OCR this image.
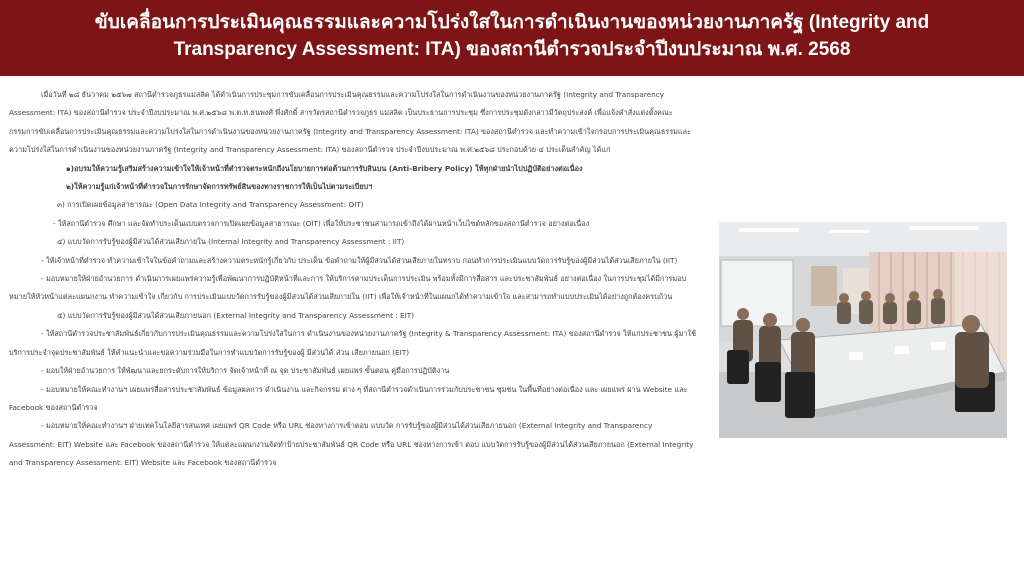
ขับเคลื่อนการประเมินคุณธรรมและความโปร่งใสในการดำเนินงานของหน่วยงานภาครัฐ (Integrity and
Transparency Assessment: ITA) ของสถานีตำรวจประจำปีงบประมาณ พ.ศ. 2568

เมื่อวันที่ ๒๘ ธันวาคม ๒๕๖๗ สถานีตำรวจภูธรแม่สลิด ได้ดำเนินการประชุมการขับเคลื่อนการประเมินคุณธรรมและความโปร่งใสในการดำเนินงานของหน่วยงานภาครัฐ (Integrity and Transparency Assessment: ITA) ของสถานีตำรวจ ประจำปีงบประมาณ พ.ศ.๒๕๖๘ พ.ต.ท.ธนพงศ์ พึ่งศักดิ์ สารวัตรสถานีตำรวจภูธร แม่สลิด เป็นประธานการประชุม ซึ่งการประชุมดังกล่าวมีวัตถุประสงค์ เพื่อแจ้งคำสั่งแต่งตั้งคณะกรรมการขับเคลื่อนการประเมินคุณธรรมและความโปร่งใสในการดำเนินงานของหน่วยงานภาครัฐ (Integrity and Transparency Assessment: ITA) ของสถานีตำรวจ และทำความเข้าใจกรอบการประเมินคุณธรรมและความโปร่งใสในการดำเนินงานของหน่วยงานภาครัฐ (Integrity and Transparency Assessment: ITA) ของสถานีตำรวจ ประจำปีงบประมาณ พ.ศ.๒๕๖๘ ประกอบด้วย ๔ ประเด็นสำคัญ ได้แก่

๑)อบรมให้ความรู้เสริมสร้างความเข้าใจให้เจ้าหน้าที่ตำรวจตระหนักถึงนโยบายการต่อต้านการรับสินบน (Anti-Bribery Policy) ให้ทุกฝ่ายนำไปปฏิบัติอย่างต่อเนื่อง

๒)ให้ความรู้แก่เจ้าหน้าที่ตำรวจในการรักษาจัดการทรัพย์สินของทางราชการให้เป็นไปตามระเบียบฯ

๓) การเปิดเผยข้อมูลสาธารณะ (Open Data Integrity and Transparency Assessment: OIT)

- ให้สถานีตำรวจ ศึกษา และจัดทำประเด็นแบบตรวจการเปิดเผยข้อมูลสาธารณะ (OIT) เพื่อให้ประชาชนสามารถเข้าถึงได้ผ่านหน้าเว็บไซต์หลักของสถานีตำรวจ อย่างต่อเนื่อง

๔) แบบวัดการรับรู้ของผู้มีส่วนได้ส่วนเสียภายใน (Internal Integrity and Transparency Assessment : IIT)

- ให้เจ้าหน้าที่ตำรวจ ทำความเข้าใจในข้อคำถามและสร้างความตระหนักรู้เกี่ยวกับ ประเด็น ข้อคำถามให้ผู้มีส่วนได้ส่วนเสียภายในทราบ ก่อนทำการประเมินแบบวัดการรับรู้ของผู้มีส่วนได้ส่วนเสียภายใน (IIT)

- มอบหมายให้ฝ่ายอำนวยการ ดำเนินการเผยแพร่ความรู้เพื่อพัฒนาการปฏิบัติหน้าที่และการ ให้บริการตามประเด็นการประเมิน พร้อมทั้งมีการสื่อสาร และประชาสัมพันธ์ อย่างต่อเนื่อง ในการประชุมได้มีการมอบหมายให้หัวหน้าแต่ละแผนกงาน ทำความเข้าใจ เกี่ยวกับ การประเมินแบบวัดการรับรู้ของผู้มีส่วนได้ส่วนเสียภายใน (IIT) เพื่อให้เจ้าหน้าที่ในแผนกได้ทำความเข้าใจ และสามารถทำแบบประเมินได้อย่างถูกต้องครบถ้วน

๕) แบบวัดการรับรู้ของผู้มีส่วนได้ส่วนเสียภายนอก (External Integrity and Transparency Assessment : EIT)

- ให้สถานีตำรวจประชาสัมพันธ์เกี่ยวกับการประเมินคุณธรรมและความโปร่งใสในการ ดำเนินงานของหน่วยงานภาครัฐ (Integrity & Transparency Assessment: ITA) ของสถานีตำรวจ ให้แก่ประชาชน ผู้มาใช้บริการประจำจุดประชาสัมพันธ์ ให้คำแนะนำและขอความร่วมมือในการทำแบบวัดการรับรู้ของผู้ มีส่วนได้ ส่วน เสียภายนอก (EIT)

- มอบให้ฝ่ายอำนวยการ ให้พัฒนาและยกระดับการให้บริการ จัดเจ้าหน้าที่ ณ จุด ประชาสัมพันธ์ เผยแพร่ ขั้นตอน คู่มือการปฏิบัติงาน

- มอบหมายให้คณะทำงานฯ เผยแพร่สื่อสารประชาสัมพันธ์ ข้อมูลผลการ ดำเนินงาน และกิจกรรม ต่าง ๆ ที่สถานีตำรวจดำเนินการร่วมกับประชาชน ชุมชน ในพื้นที่อย่างต่อเนื่อง และ เผยแพร่ ผ่าน Website และ Facebook ของสถานีตำรวจ

- มอบหมายให้คณะทำงานฯ ฝ่ายเทคโนโลยีสารสนเทศ เผยแพร่ QR Code หรือ URL ช่องทางการเข้าตอบ แบบวัด การรับรู้ของผู้มีส่วนได้ส่วนเสียภายนอก (External Integrity and Transparency Assessment: EIT) Website และ Facebook ของสถานีตำรวจ ให้แต่ละแผนกงานจัดทำป้ายประชาสัมพันธ์ QR Code หรือ URL ช่องทางการเข้า ตอบ แบบวัดการรับรู้ของผู้มีส่วนได้ส่วนเสียภายนอก (External Integrity and Transparency Assessment: EIT) Website และ Facebook ของสถานีตำรวจ
